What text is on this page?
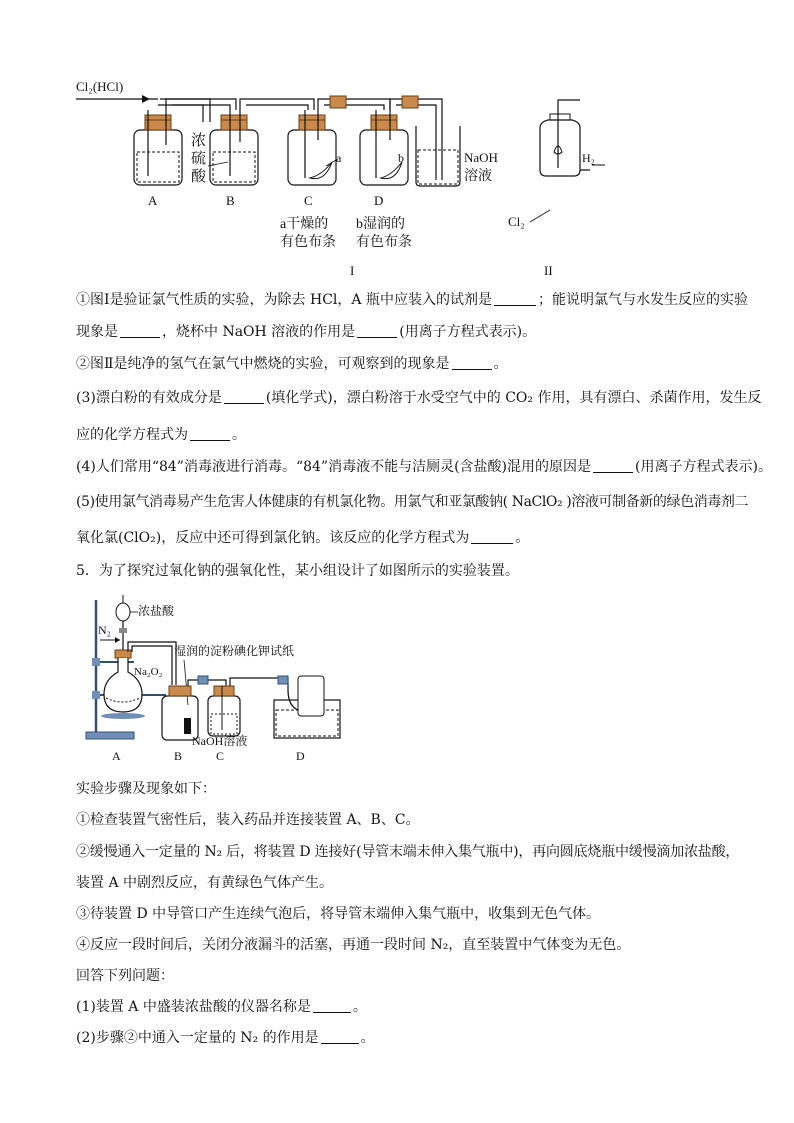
Cl₂(HCl)
浓
硫
酸
a	b	NaOH
溶液
A	B	C	D
a干燥的
有色布条
b湿润的
有色布条
I
H₂
Cl₂
II
①图Ⅰ是验证氯气性质的实验，为除去 HCl，A 瓶中应装入的试剂是	；能说明氯气与水发生反应的实验
现象是	，烧杯中 NaOH 溶液的作用是	(用离子方程式表示)。
②图Ⅱ是纯净的氢气在氯气中燃烧的实验，可观察到的现象是	。
(3)漂白粉的有效成分是	(填化学式)，漂白粉溶于水受空气中的 CO₂ 作用，具有漂白、杀菌作用，发生反
应的化学方程式为	。
(4)人们常用“84”消毒液进行消毒。“84”消毒液不能与洁厕灵(含盐酸)混用的原因是	(用离子方程式表示)。
(5)使用氯气消毒易产生危害人体健康的有机氯化物。用氯气和亚氯酸钠( NaClO₂ )溶液可制备新的绿色消毒剂二
氧化氯(ClO₂)，反应中还可得到氯化钠。该反应的化学方程式为	。
5．为了探究过氧化钠的强氧化性，某小组设计了如图所示的实验装置。
浓盐酸
N₂
Na₂O₂
湿润的淀粉碘化钾试纸
NaOH溶液
A	B	C	D
实验步骤及现象如下：
①检查装置气密性后，装入药品并连接装置 A、B、C。
②缓慢通入一定量的 N₂ 后，将装置 D 连接好(导管末端未伸入集气瓶中)，再向圆底烧瓶中缓慢滴加浓盐酸，
装置 A 中剧烈反应，有黄绿色气体产生。
③待装置 D 中导管口产生连续气泡后，将导管末端伸入集气瓶中，收集到无色气体。
④反应一段时间后，关闭分液漏斗的活塞，再通一段时间 N₂，直至装置中气体变为无色。
回答下列问题：
(1)装置 A 中盛装浓盐酸的仪器名称是	。
(2)步骤②中通入一定量的 N₂ 的作用是	。
